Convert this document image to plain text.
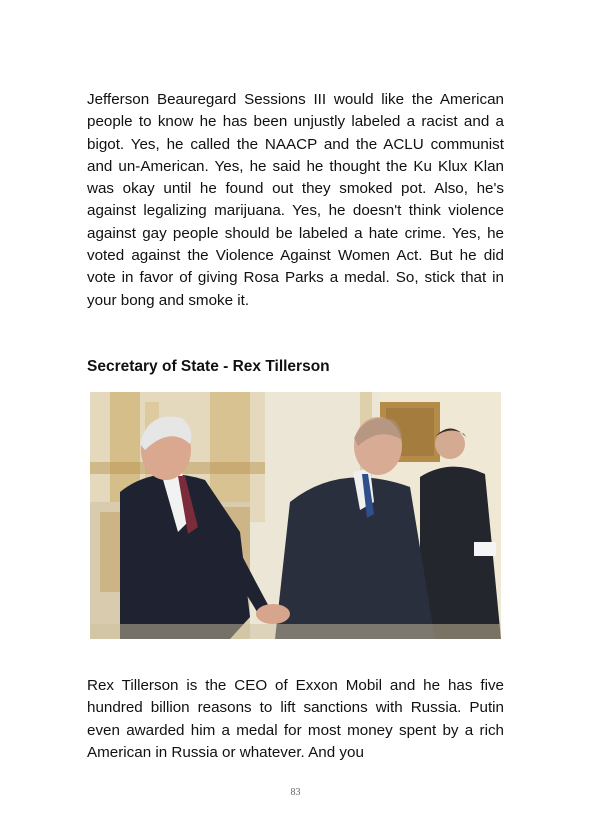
Jefferson Beauregard Sessions III would like the American people to know he has been unjustly labeled a racist and a bigot. Yes, he called the NAACP and the ACLU communist and un-American. Yes, he said he thought the Ku Klux Klan was okay until he found out they smoked pot. Also, he's against legalizing marijuana. Yes, he doesn't think violence against gay people should be labeled a hate crime. Yes, he voted against the Violence Against Women Act. But he did vote in favor of giving Rosa Parks a medal. So, stick that in your bong and smoke it.

Secretary of State - Rex Tillerson

Rex Tillerson is the CEO of Exxon Mobil and he has five hundred billion reasons to lift sanctions with Russia. Putin even awarded him a medal for most money spent by a rich American in Russia or whatever. And you

83
